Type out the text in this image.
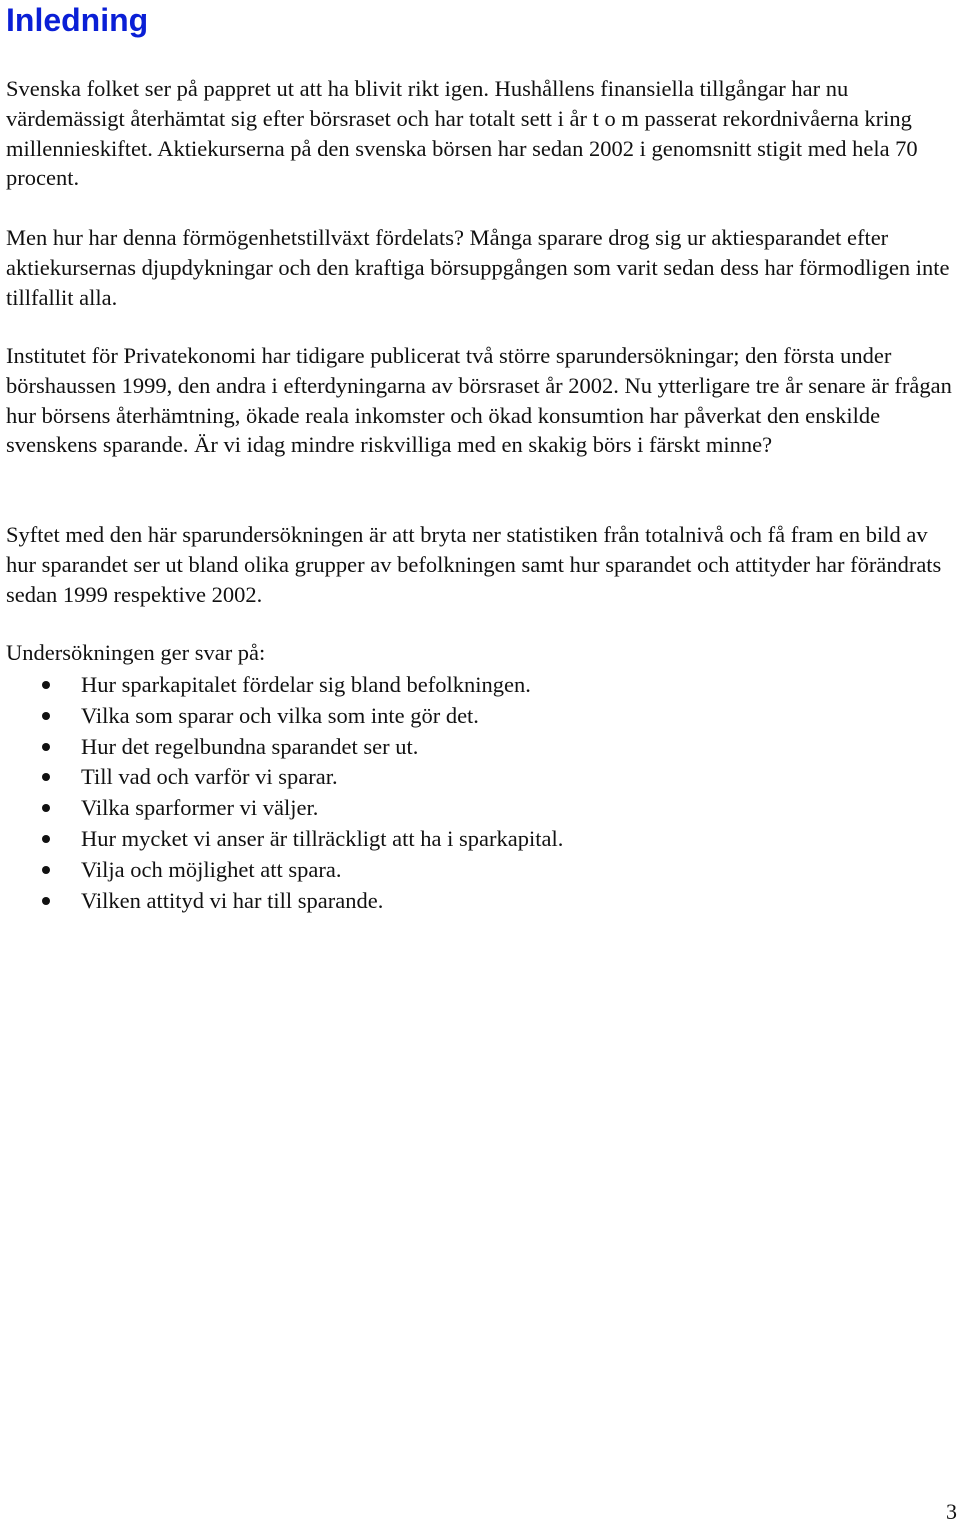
Inledning

Svenska folket ser på pappret ut att ha blivit rikt igen. Hushållens finansiella tillgångar har nu värdemässigt återhämtat sig efter börsraset och har totalt sett i år t o m passerat rekordnivåerna kring millennieskiftet. Aktiekurserna på den svenska börsen har sedan 2002 i genomsnitt stigit med hela 70 procent.

Men hur har denna förmögenhetstillväxt fördelats? Många sparare drog sig ur aktiesparandet efter aktiekursernas djupdykningar och den kraftiga börsuppgången som varit sedan dess har förmodligen inte tillfallit alla.

Institutet för Privatekonomi har tidigare publicerat två större sparundersökningar; den första under börshaussen 1999, den andra i efterdyningarna av börsraset år 2002. Nu ytterligare tre år senare är frågan hur börsens återhämtning, ökade reala inkomster och ökad konsumtion har påverkat den enskilde svenskens sparande. Är vi idag mindre riskvilliga med en skakig börs i färskt minne?

Syftet med den här sparundersökningen är att bryta ner statistiken från totalnivå och få fram en bild av hur sparandet ser ut bland olika grupper av befolkningen samt hur sparandet och attityder har förändrats sedan 1999 respektive 2002.

Undersökningen ger svar på:

Hur sparkapitalet fördelar sig bland befolkningen.
Vilka som sparar och vilka som inte gör det.
Hur det regelbundna sparandet ser ut.
Till vad och varför vi sparar.
Vilka sparformer vi väljer.
Hur mycket vi anser är tillräckligt att ha i sparkapital.
Vilja och möjlighet att spara.
Vilken attityd vi har till sparande.
3
